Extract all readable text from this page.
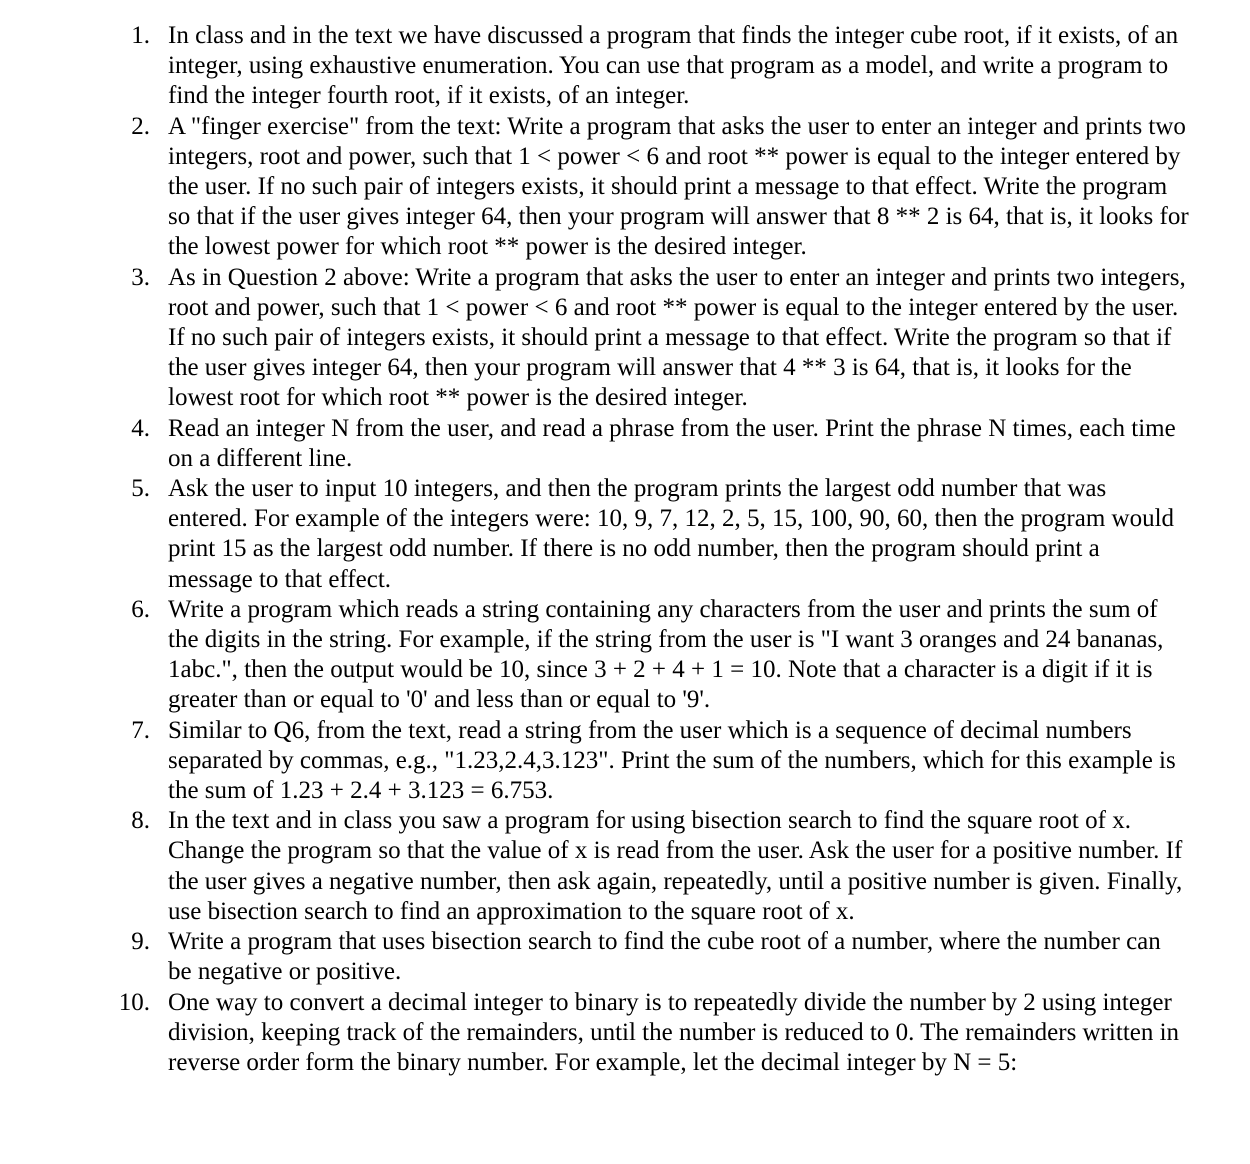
1. In class and in the text we have discussed a program that finds the integer cube root, if it exists, of an integer, using exhaustive enumeration. You can use that program as a model, and write a program to find the integer fourth root, if it exists, of an integer.
2. A "finger exercise" from the text: Write a program that asks the user to enter an integer and prints two integers, root and power, such that 1 < power < 6 and root ** power is equal to the integer entered by the user. If no such pair of integers exists, it should print a message to that effect. Write the program so that if the user gives integer 64, then your program will answer that 8 ** 2 is 64, that is, it looks for the lowest power for which root ** power is the desired integer.
3. As in Question 2 above: Write a program that asks the user to enter an integer and prints two integers, root and power, such that 1 < power < 6 and root ** power is equal to the integer entered by the user. If no such pair of integers exists, it should print a message to that effect. Write the program so that if the user gives integer 64, then your program will answer that 4 ** 3 is 64, that is, it looks for the lowest root for which root ** power is the desired integer.
4. Read an integer N from the user, and read a phrase from the user. Print the phrase N times, each time on a different line.
5. Ask the user to input 10 integers, and then the program prints the largest odd number that was entered. For example of the integers were: 10, 9, 7, 12, 2, 5, 15, 100, 90, 60, then the program would print 15 as the largest odd number. If there is no odd number, then the program should print a message to that effect.
6. Write a program which reads a string containing any characters from the user and prints the sum of the digits in the string. For example, if the string from the user is "I want 3 oranges and 24 bananas, 1abc.", then the output would be 10, since 3 + 2 + 4 + 1 = 10. Note that a character is a digit if it is greater than or equal to '0' and less than or equal to '9'.
7. Similar to Q6, from the text, read a string from the user which is a sequence of decimal numbers separated by commas, e.g., "1.23,2.4,3.123". Print the sum of the numbers, which for this example is the sum of 1.23 + 2.4 + 3.123 = 6.753.
8. In the text and in class you saw a program for using bisection search to find the square root of x. Change the program so that the value of x is read from the user. Ask the user for a positive number. If the user gives a negative number, then ask again, repeatedly, until a positive number is given. Finally, use bisection search to find an approximation to the square root of x.
9. Write a program that uses bisection search to find the cube root of a number, where the number can be negative or positive.
10. One way to convert a decimal integer to binary is to repeatedly divide the number by 2 using integer division, keeping track of the remainders, until the number is reduced to 0. The remainders written in reverse order form the binary number. For example, let the decimal integer by N = 5:
